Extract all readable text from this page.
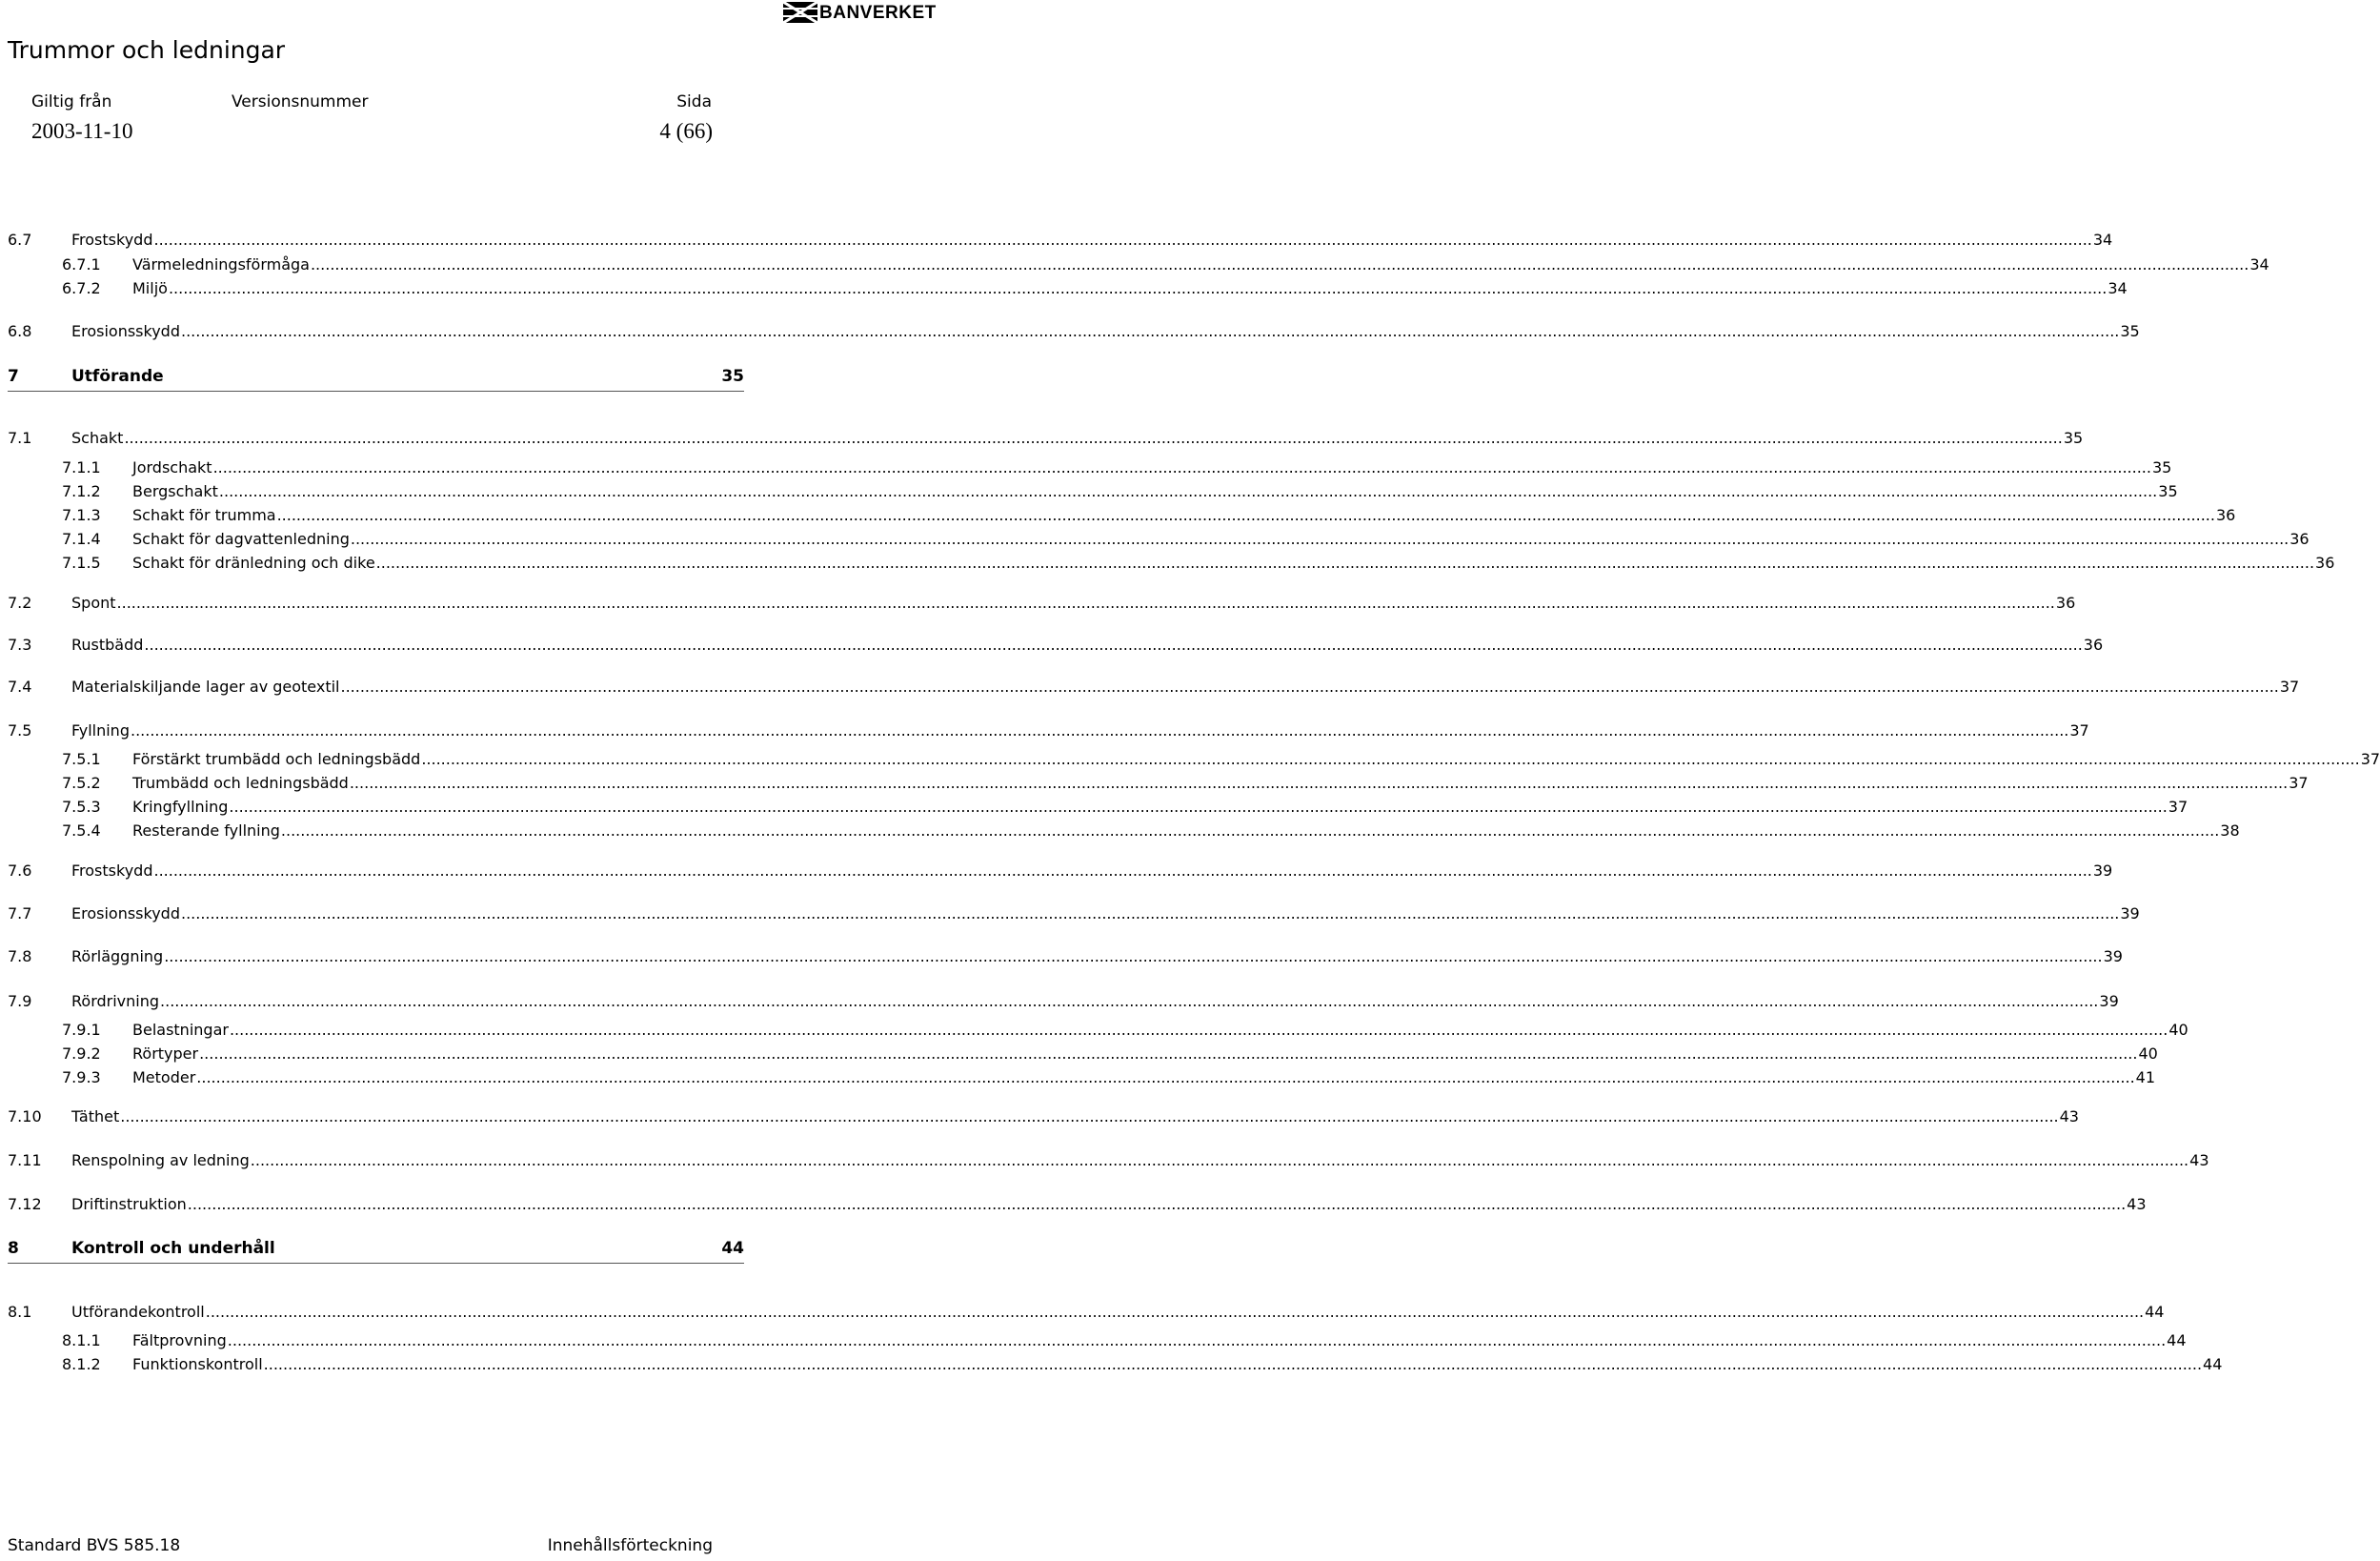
BANVERKET
Trummor och ledningar
Giltig från	Versionsnummer	Sida
2003-11-10	4 (66)
6.7	Frostskydd ................................................................................................................................................................................................................................................................................................................................................................................................................ 34
6.7.1	Värmeledningsförmåga ................................................................................................................................................................................................................................................................................................................................................................................................................ 34
6.7.2	Miljö ................................................................................................................................................................................................................................................................................................................................................................................................................ 34
6.8	Erosionsskydd ................................................................................................................................................................................................................................................................................................................................................................................................................ 35
7	Utförande	35
7.1	Schakt ................................................................................................................................................................................................................................................................................................................................................................................................................ 35
7.1.1	Jordschakt ................................................................................................................................................................................................................................................................................................................................................................................................................ 35
7.1.2	Bergschakt ................................................................................................................................................................................................................................................................................................................................................................................................................ 35
7.1.3	Schakt för trumma ................................................................................................................................................................................................................................................................................................................................................................................................................ 36
7.1.4	Schakt för dagvattenledning ................................................................................................................................................................................................................................................................................................................................................................................................................ 36
7.1.5	Schakt för dränledning och dike ................................................................................................................................................................................................................................................................................................................................................................................................................ 36
7.2	Spont ................................................................................................................................................................................................................................................................................................................................................................................................................ 36
7.3	Rustbädd ................................................................................................................................................................................................................................................................................................................................................................................................................ 36
7.4	Materialskiljande lager av geotextil ................................................................................................................................................................................................................................................................................................................................................................................................................ 37
7.5	Fyllning ................................................................................................................................................................................................................................................................................................................................................................................................................ 37
7.5.1	Förstärkt trumbädd och ledningsbädd ................................................................................................................................................................................................................................................................................................................................................................................................................ 37
7.5.2	Trumbädd och ledningsbädd ................................................................................................................................................................................................................................................................................................................................................................................................................ 37
7.5.3	Kringfyllning ................................................................................................................................................................................................................................................................................................................................................................................................................ 37
7.5.4	Resterande fyllning ................................................................................................................................................................................................................................................................................................................................................................................................................ 38
7.6	Frostskydd ................................................................................................................................................................................................................................................................................................................................................................................................................ 39
7.7	Erosionsskydd ................................................................................................................................................................................................................................................................................................................................................................................................................ 39
7.8	Rörläggning ................................................................................................................................................................................................................................................................................................................................................................................................................ 39
7.9	Rördrivning ................................................................................................................................................................................................................................................................................................................................................................................................................ 39
7.9.1	Belastningar ................................................................................................................................................................................................................................................................................................................................................................................................................ 40
7.9.2	Rörtyper ................................................................................................................................................................................................................................................................................................................................................................................................................ 40
7.9.3	Metoder ................................................................................................................................................................................................................................................................................................................................................................................................................ 41
7.10	Täthet ................................................................................................................................................................................................................................................................................................................................................................................................................ 43
7.11	Renspolning av ledning ................................................................................................................................................................................................................................................................................................................................................................................................................ 43
7.12	Driftinstruktion ................................................................................................................................................................................................................................................................................................................................................................................................................ 43
8	Kontroll och underhåll	44
8.1	Utförandekontroll ................................................................................................................................................................................................................................................................................................................................................................................................................ 44
8.1.1	Fältprovning ................................................................................................................................................................................................................................................................................................................................................................................................................ 44
8.1.2	Funktionskontroll ................................................................................................................................................................................................................................................................................................................................................................................................................ 44
Standard BVS 585.18	Innehållsförteckning
